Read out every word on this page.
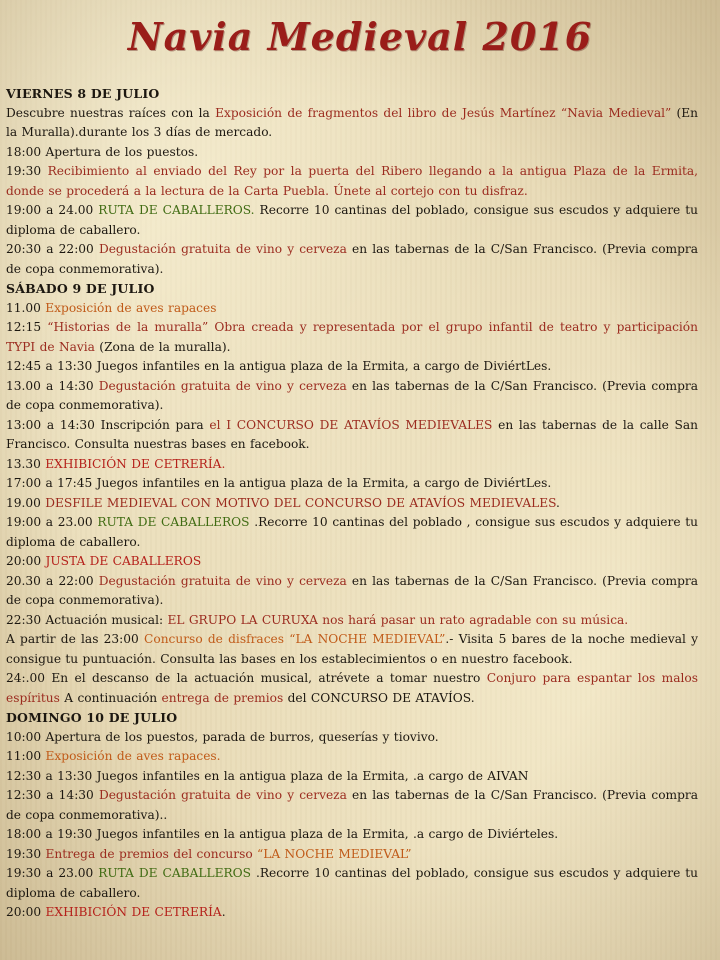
Navia Medieval 2016

VIERNES 8 DE JULIO

Descubre nuestras raíces con la Exposición de fragmentos del libro de Jesús Martínez “Navia Medieval” (En la Muralla).durante los 3 días de mercado.

18:00 Apertura de los puestos.

19:30 Recibimiento al enviado del Rey por la puerta del Ribero llegando a la antigua Plaza de la Ermita, donde se procederá a la lectura de la Carta Puebla. Únete al cortejo con tu disfraz.

19:00 a 24.00 RUTA DE CABALLEROS. Recorre 10 cantinas del poblado, consigue sus escudos y adquiere tu diploma de caballero.

20:30 a 22:00 Degustación gratuita de vino y cerveza en las tabernas de la C/San Francisco. (Previa compra de copa conmemorativa).

SÁBADO 9 DE JULIO

11.00 Exposición de aves rapaces

12:15 “Historias de la muralla” Obra creada y representada por el grupo infantil de teatro y participación TYPI de Navia (Zona de la muralla).

12:45 a 13:30 Juegos infantiles en la antigua plaza de la Ermita, a cargo de DiviértLes.

13.00 a 14:30 Degustación gratuita de vino y cerveza en las tabernas de la C/San Francisco. (Previa compra de copa conmemorativa).

13:00 a 14:30 Inscripción para el I CONCURSO DE ATAVÍOS MEDIEVALES en las tabernas de la calle San Francisco. Consulta nuestras bases en facebook.

13.30 EXHIBICIÓN DE CETRERÍA.

17:00 a 17:45 Juegos infantiles en la antigua plaza de la Ermita, a cargo de DiviértLes.

19.00 DESFILE MEDIEVAL CON MOTIVO DEL CONCURSO DE ATAVÍOS MEDIEVALES.

19:00 a 23.00 RUTA DE CABALLEROS .Recorre 10 cantinas del poblado , consigue sus escudos y adquiere tu diploma de caballero.

20:00 JUSTA DE CABALLEROS

20.30 a 22:00 Degustación gratuita de vino y cerveza en las tabernas de la C/San Francisco. (Previa compra de copa conmemorativa).

22:30 Actuación musical: EL GRUPO LA CURUXA nos hará pasar un rato agradable con su música.

A partir de las 23:00 Concurso de disfraces “LA NOCHE MEDIEVAL”.- Visita 5 bares de la noche medieval y consigue tu puntuación. Consulta las bases en los establecimientos o en nuestro facebook.

24:.00 En el descanso de la actuación musical, atrévete a tomar nuestro Conjuro para espantar los malos espíritus A continuación entrega de premios del CONCURSO DE ATAVÍOS.

DOMINGO 10 DE JULIO

10:00 Apertura de los puestos, parada de burros, queserías y tiovivo.

11:00 Exposición de aves rapaces.

12:30 a 13:30 Juegos infantiles en la antigua plaza de la Ermita, .a cargo de AIVAN

12:30 a 14:30 Degustación gratuita de vino y cerveza en las tabernas de la C/San Francisco. (Previa compra de copa conmemorativa)..

18:00 a 19:30 Juegos infantiles en la antigua plaza de la Ermita, .a cargo de Diviérteles.

19:30 Entrega de premios del concurso “LA NOCHE MEDIEVAL”

19:30 a 23.00 RUTA DE CABALLEROS .Recorre 10 cantinas del poblado, consigue sus escudos y adquiere tu diploma de caballero.

20:00 EXHIBICIÓN DE CETRERÍA.
